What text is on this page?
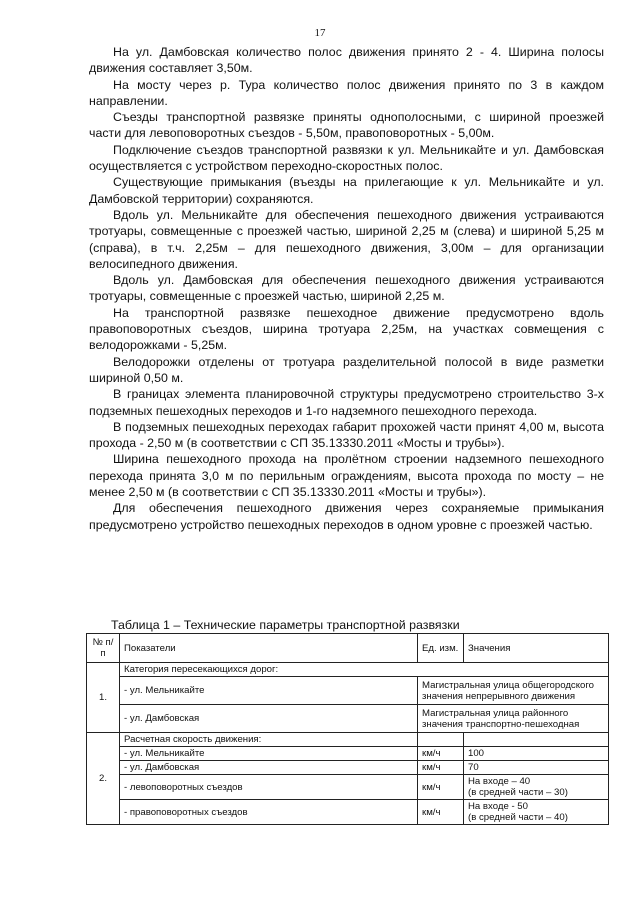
17

На ул. Дамбовская количество полос движения принято 2 - 4. Ширина полосы движения составляет 3,50м.

На мосту через р. Тура количество полос движения принято по 3 в каждом направлении.

Съезды транспортной развязке приняты однополосными, с шириной проезжей части для левоповоротных съездов - 5,50м, правоповоротных - 5,00м.

Подключение съездов транспортной развязки к ул. Мельникайте и ул. Дамбовская осуществляется с устройством переходно-скоростных полос.

Существующие примыкания (въезды на прилегающие к ул. Мельникайте и ул. Дамбовской территории) сохраняются.

Вдоль ул. Мельникайте для обеспечения пешеходного движения устраиваются тротуары, совмещенные с проезжей частью, шириной 2,25 м (слева) и шириной 5,25 м (справа), в т.ч. 2,25м – для пешеходного движения, 3,00м – для организации велосипедного движения.

Вдоль ул. Дамбовская для обеспечения пешеходного движения устраиваются тротуары, совмещенные с проезжей частью, шириной 2,25 м.

На транспортной развязке пешеходное движение предусмотрено вдоль правоповоротных съездов, ширина тротуара 2,25м, на участках совмещения с велодорожками - 5,25м.

Велодорожки отделены от тротуара разделительной полосой в виде разметки шириной 0,50 м.

В границах элемента планировочной структуры предусмотрено строительство 3-х подземных пешеходных переходов и 1-го надземного пешеходного перехода.

В подземных пешеходных переходах габарит прохожей части принят 4,00 м, высота прохода - 2,50 м (в соответствии с СП 35.13330.2011 «Мосты и трубы»).

Ширина пешеходного прохода на пролётном строении надземного пешеходного перехода принята 3,0 м по перильным ограждениям, высота прохода по мосту – не менее 2,50 м (в соответствии с СП 35.13330.2011 «Мосты и трубы»).

Для обеспечения пешеходного движения через сохраняемые примыкания предусмотрено устройство пешеходных переходов в одном уровне с проезжей частью.

Таблица 1 – Технические параметры транспортной развязки
№ п/п	Показатели	Ед. изм.	Значения
1.	Категория пересекающихся дорог:		
	- ул. Мельникайте	Магистральная улица общегородского значения непрерывного движения	
	- ул. Дамбовская	Магистральная улица районного значения транспортно-пешеходная	
2.	Расчетная скорость движения:		
	- ул. Мельникайте	км/ч	100
	- ул. Дамбовская	км/ч	70
	- левоповоротных съездов	км/ч	На входе – 40
(в средней части – 30)

	- правоповоротных съездов	км/ч	На входе - 50
(в средней части – 40)
